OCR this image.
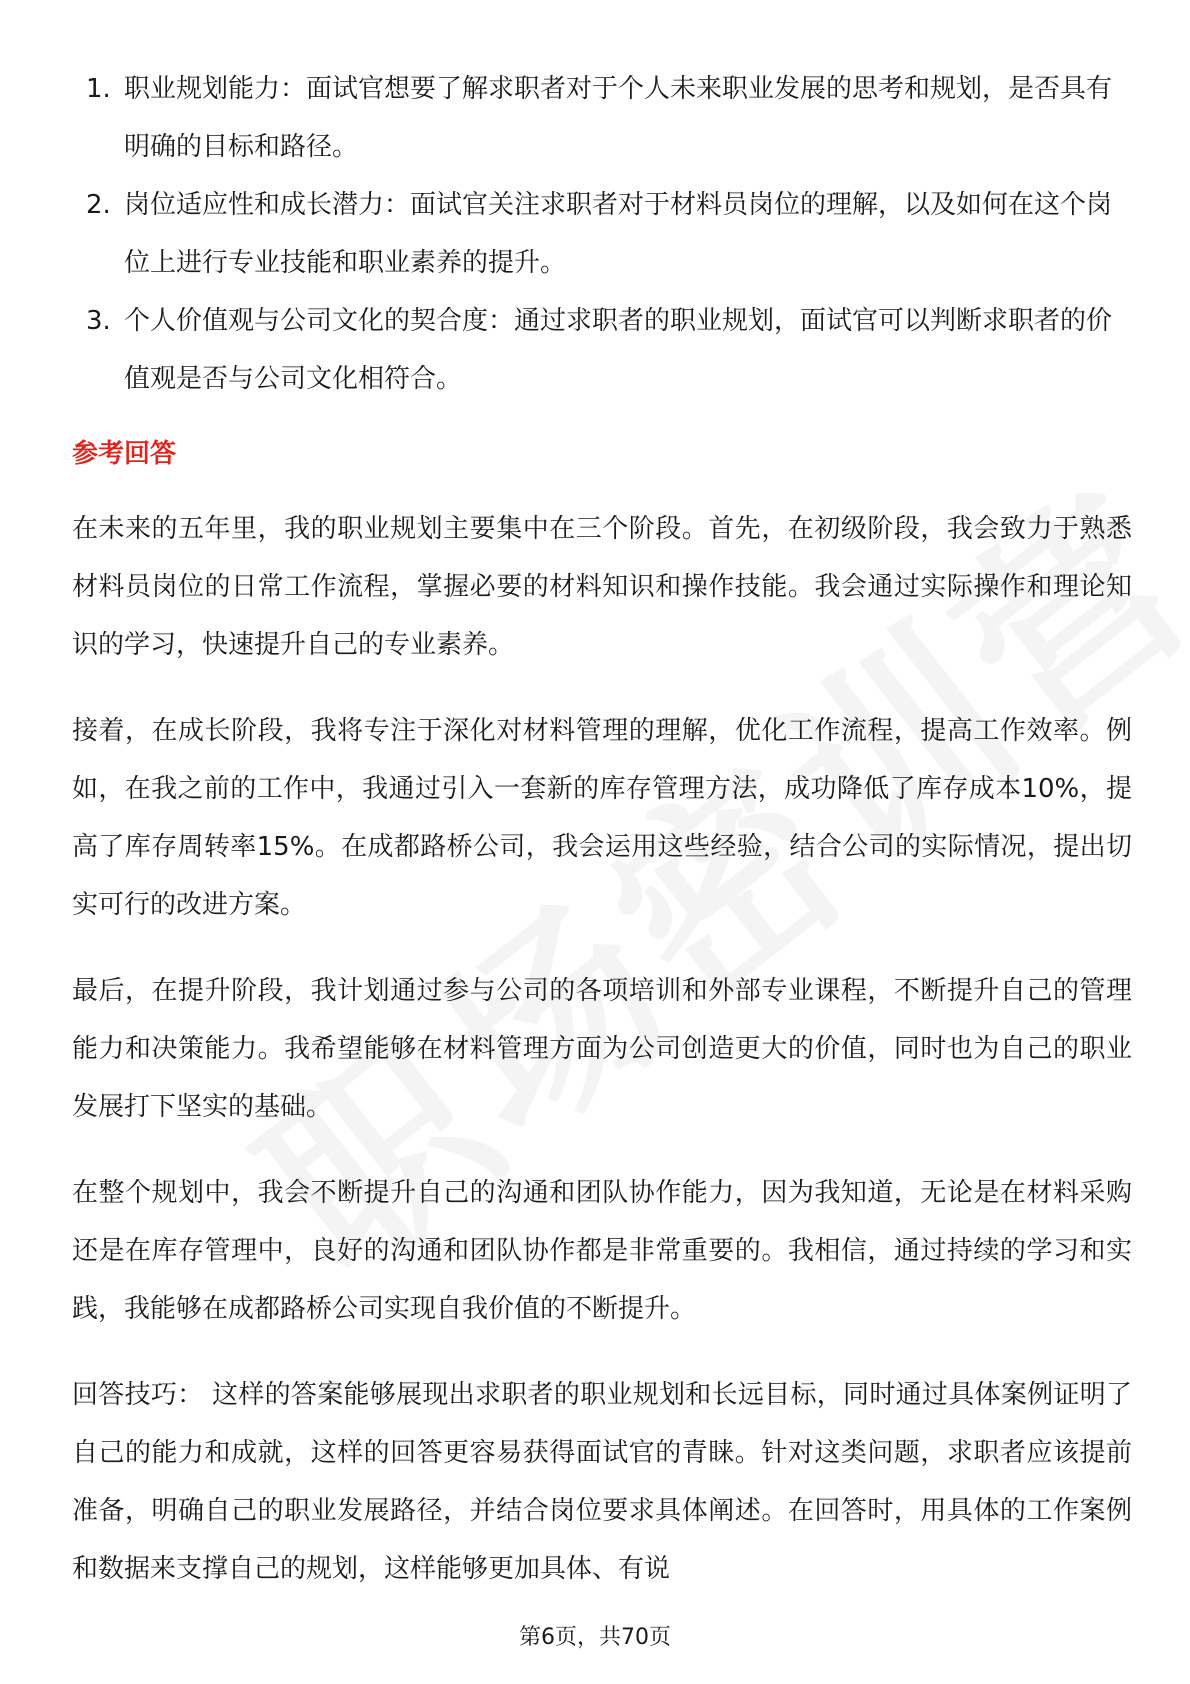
1. 职业规划能力：面试官想要了解求职者对于个人未来职业发展的思考和规划，是否具有明确的目标和路径。
2. 岗位适应性和成长潜力：面试官关注求职者对于材料员岗位的理解，以及如何在这个岗位上进行专业技能和职业素养的提升。
3. 个人价值观与公司文化的契合度：通过求职者的职业规划，面试官可以判断求职者的价值观是否与公司文化相符合。
参考回答

在未来的五年里，我的职业规划主要集中在三个阶段。首先，在初级阶段，我会致力于熟悉材料员岗位的日常工作流程，掌握必要的材料知识和操作技能。我会通过实际操作和理论知识的学习，快速提升自己的专业素养。

接着，在成长阶段，我将专注于深化对材料管理的理解，优化工作流程，提高工作效率。例如，在我之前的工作中，我通过引入一套新的库存管理方法，成功降低了库存成本10%，提高了库存周转率15%。在成都路桥公司，我会运用这些经验，结合公司的实际情况，提出切实可行的改进方案。

最后，在提升阶段，我计划通过参与公司的各项培训和外部专业课程，不断提升自己的管理能力和决策能力。我希望能够在材料管理方面为公司创造更大的价值，同时也为自己的职业发展打下坚实的基础。

在整个规划中，我会不断提升自己的沟通和团队协作能力，因为我知道，无论是在材料采购还是在库存管理中，良好的沟通和团队协作都是非常重要的。我相信，通过持续的学习和实践，我能够在成都路桥公司实现自我价值的不断提升。

回答技巧： 这样的答案能够展现出求职者的职业规划和长远目标，同时通过具体案例证明了自己的能力和成就，这样的回答更容易获得面试官的青睐。针对这类问题，求职者应该提前准备，明确自己的职业发展路径，并结合岗位要求具体阐述。在回答时，用具体的工作案例和数据来支撑自己的规划，这样能够更加具体、有说

第6页，共70页
